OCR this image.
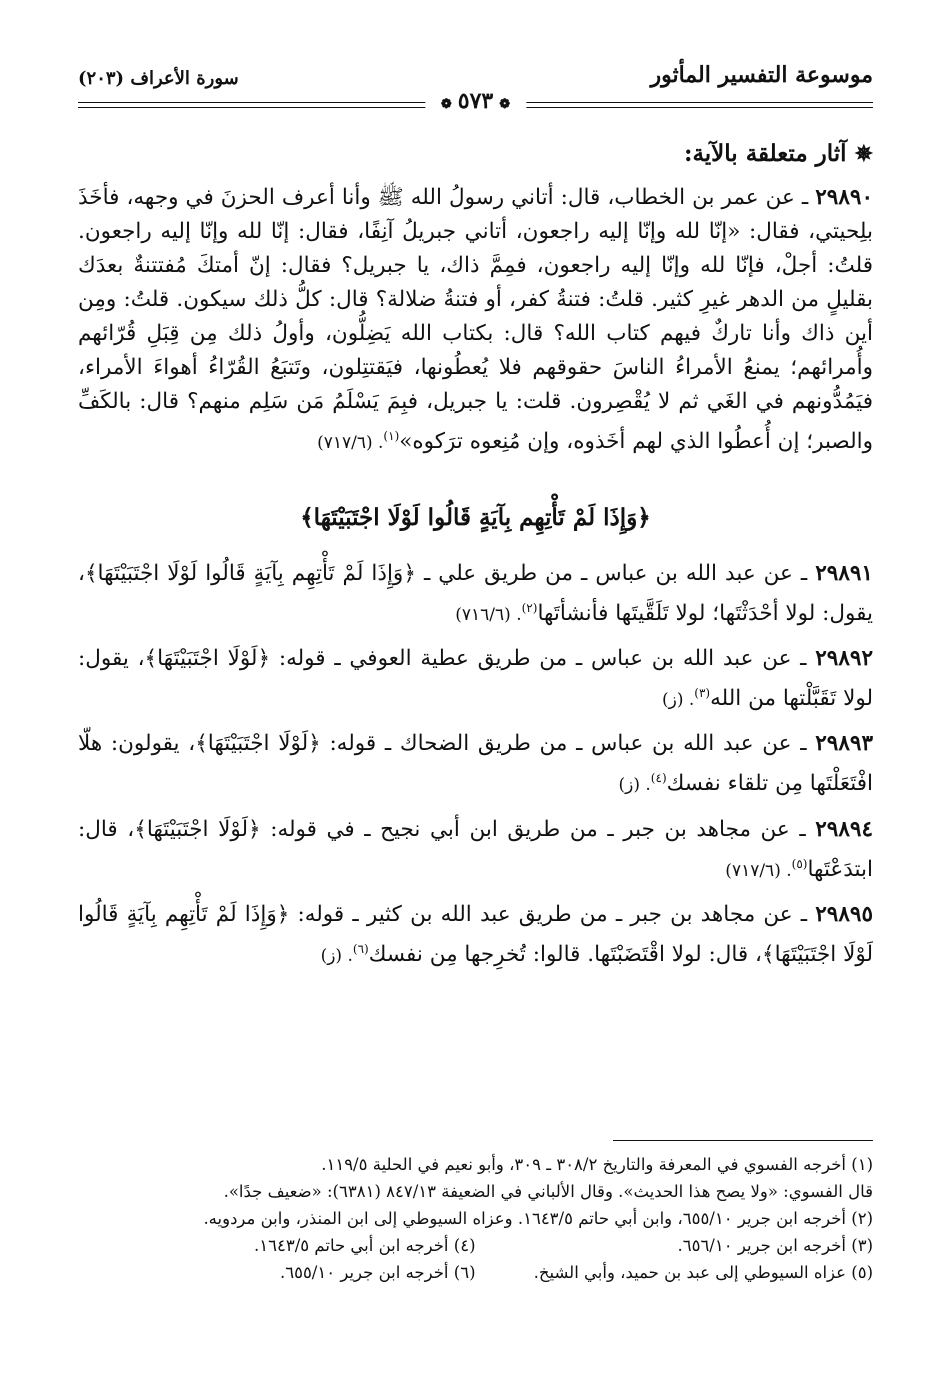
موسوعة التفسير المأثور
سورة الأعراف (٢٠٣)
❁٥٧٣❁
✵آثار متعلقة بالآية:

٢٩٨٩٠ ـ عن عمر بن الخطاب، قال: أتاني رسولُ الله ﷺ وأنا أعرف الحزنَ في وجهه، فأخَذَ بلِحيتي، فقال: «إنّا لله وإنّا إليه راجعون، أتاني جبريلُ آنِفًا، فقال: إنّا لله وإنّا إليه راجعون. قلتُ: أجلْ، فإنّا لله وإنّا إليه راجعون، فمِمَّ ذاك، يا جبريل؟ فقال: إنّ أمتكَ مُفتتنةٌ بعدَك بقليلٍ من الدهر غيرِ كثير. قلتُ: فتنةُ كفر، أو فتنةُ ضلالة؟ قال: كلُّ ذلك سيكون. قلتُ: ومِن أين ذاك وأنا تاركٌ فيهم كتاب الله؟ قال: بكتاب الله يَضِلُّون، وأولُ ذلك مِن قِبَلِ قُرّائهم وأُمرائهم؛ يمنعُ الأمراءُ الناسَ حقوقهم فلا يُعطُونها، فيَقتتِلون، وتَتبَعُ القُرّاءُ أهواءَ الأمراء، فيَمُدُّونهم في الغَي ثم لا يُقْصِرون. قلت: يا جبريل، فبِمَ يَسْلَمُ مَن سَلِم منهم؟ قال: بالكَفِّ والصبر؛ إن أُعطُوا الذي لهم أخَذوه، وإن مُنِعوه ترَكوه»$^{(١)}$. (٧١٧/٦)

﴿وَإِذَا لَمْ تَأْتِهِم بِآيَةٍ قَالُوا لَوْلَا اجْتَبَيْتَهَا﴾

٢٩٨٩١ ـ عن عبد الله بن عباس ـ من طريق علي ـ ﴿وَإِذَا لَمْ تَأْتِهِم بِآيَةٍ قَالُوا لَوْلَا اجْتَبَيْتَهَا﴾، يقول: لولا أحْدَثْتَها؛ لولا تَلَقَّيتَها فأنشأتَها$^{(٢)}$. (٧١٦/٦)

٢٩٨٩٢ ـ عن عبد الله بن عباس ـ من طريق عطية العوفي ـ قوله: ﴿لَوْلَا اجْتَبَيْتَهَا﴾، يقول: لولا تَقَبَّلْتها من الله$^{(٣)}$. (ز)

٢٩٨٩٣ ـ عن عبد الله بن عباس ـ من طريق الضحاك ـ قوله: ﴿لَوْلَا اجْتَبَيْتَهَا﴾، يقولون: هلّا افْتَعَلْتَها مِن تلقاء نفسك$^{(٤)}$. (ز)

٢٩٨٩٤ ـ عن مجاهد بن جبر ـ من طريق ابن أبي نجيح ـ في قوله: ﴿لَوْلَا اجْتَبَيْتَهَا﴾، قال: ابتدَعْتَها$^{(٥)}$. (٧١٧/٦)

٢٩٨٩٥ ـ عن مجاهد بن جبر ـ من طريق عبد الله بن كثير ـ قوله: ﴿وَإِذَا لَمْ تَأْتِهِم بِآيَةٍ قَالُوا لَوْلَا اجْتَبَيْتَهَا﴾، قال: لولا اقْتَضَبْتَها. قالوا: تُخرِجها مِن نفسك$^{(٦)}$. (ز)

(١) أخرجه الفسوي في المعرفة والتاريخ ٣٠٨/٢ ـ ٣٠٩، وأبو نعيم في الحلية ١١٩/٥.

قال الفسوي: «ولا يصح هذا الحديث». وقال الألباني في الضعيفة ٨٤٧/١٣ (٦٣٨١): «ضعيف جدًا».

(٢) أخرجه ابن جرير ٦٥٥/١٠، وابن أبي حاتم ١٦٤٣/٥. وعزاه السيوطي إلى ابن المنذر، وابن مردويه.

(٣) أخرجه ابن جرير ٦٥٦/١٠.
(٤) أخرجه ابن أبي حاتم ١٦٤٣/٥.
(٥) عزاه السيوطي إلى عبد بن حميد، وأبي الشيخ.
(٦) أخرجه ابن جرير ٦٥٥/١٠.
